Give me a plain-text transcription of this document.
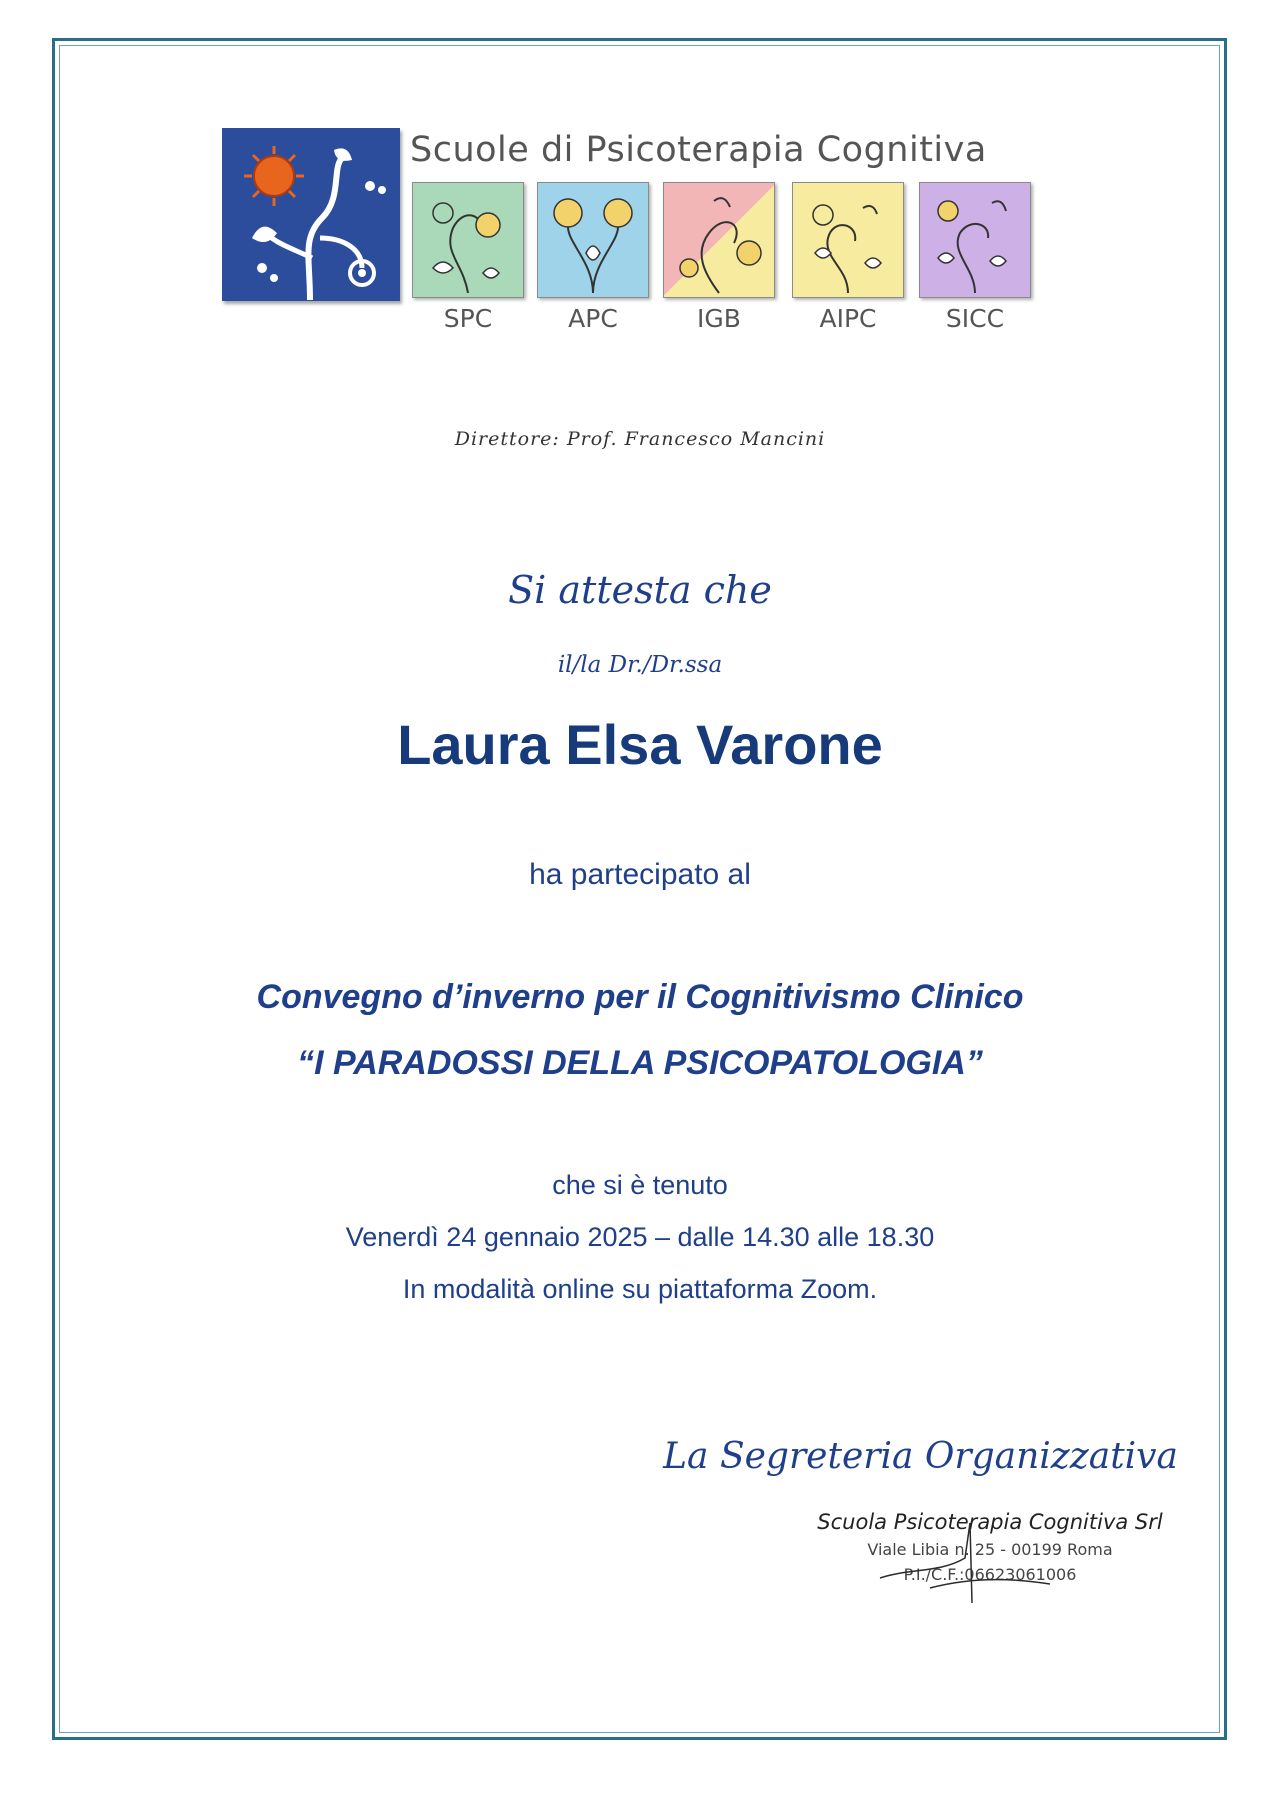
Scuole di Psicoterapia Cognitiva
SPC	APC	IGB	AIPC	SICC
Direttore: Prof. Francesco Mancini
Si attesta che
il/la Dr./Dr.ssa
Laura Elsa Varone
ha partecipato al
Convegno d’inverno per il Cognitivismo Clinico
“I PARADOSSI DELLA PSICOPATOLOGIA”
che si è tenuto
Venerdì 24 gennaio 2025 – dalle 14.30 alle 18.30
In modalità online su piattaforma Zoom.
La Segreteria Organizzativa
Scuola Psicoterapia Cognitiva Srl
Viale Libia n. 25 - 00199 Roma
P.I./C.F.:06623061006
